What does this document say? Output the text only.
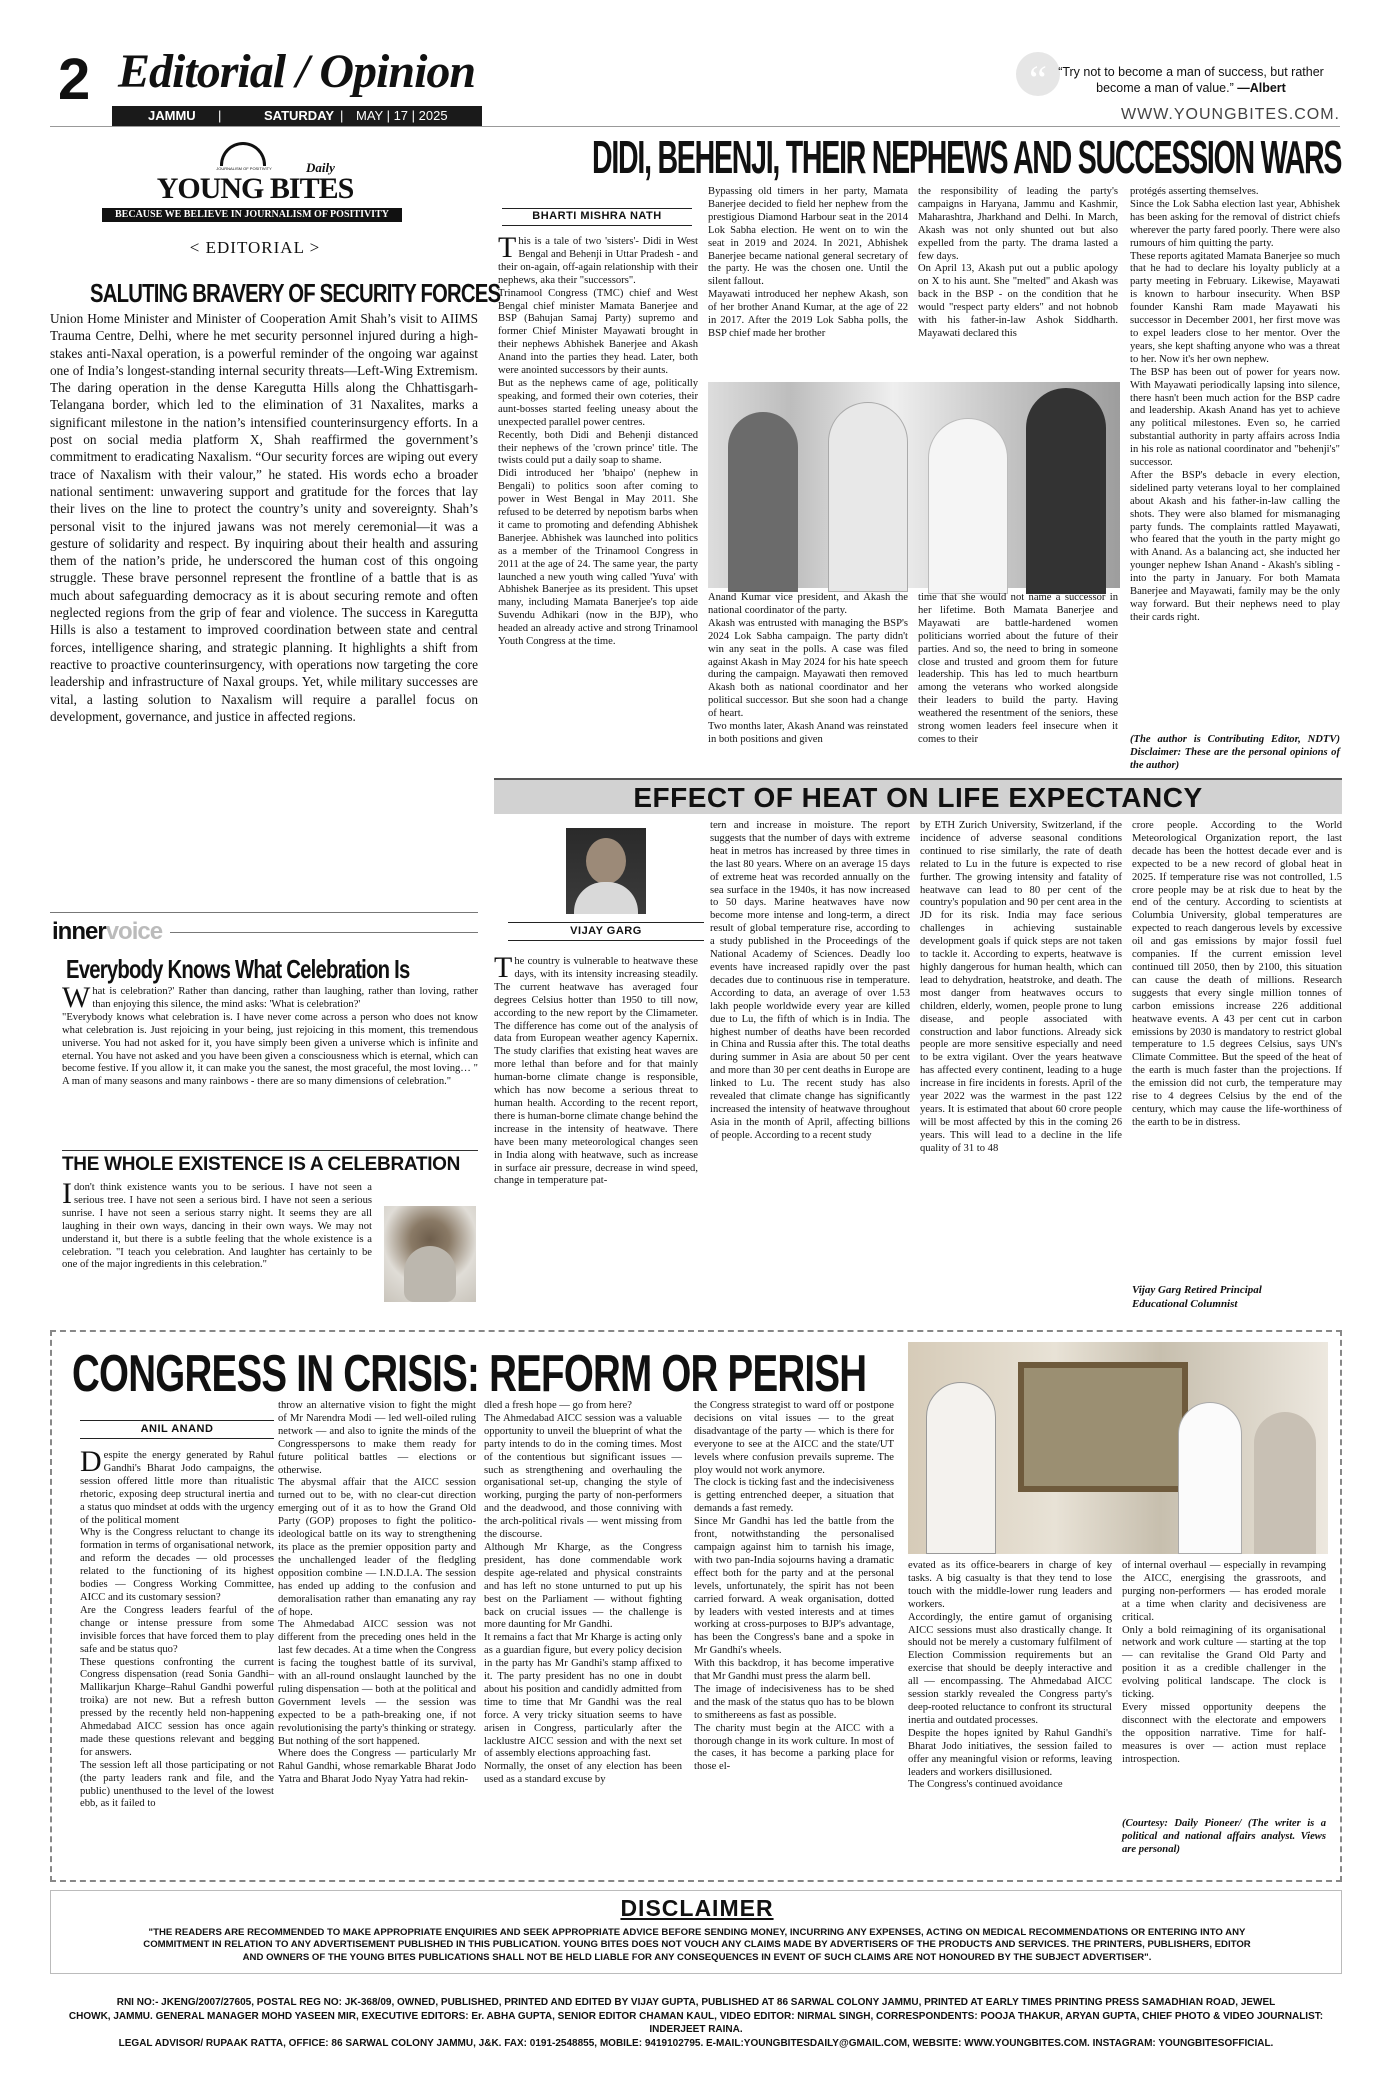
2 Editorial / Opinion
JAMMU |	SATURDAY | MAY | 17 | 2025
“ “Try not to become a man of success, but rather become a man of value.” —Albert
WWW.YOUNGBITES.COM.
JOURNALISM OF POSITIVITY	Daily
YOUNG BITES
BECAUSE WE BELIEVE IN JOURNALISM OF POSITIVITY
< EDITORIAL >
SALUTING BRAVERY OF SECURITY FORCES
Union Home Minister and Minister of Cooperation Amit Shah’s visit to AIIMS Trauma Centre, Delhi, where he met security personnel injured during a high-stakes anti-Naxal operation, is a powerful reminder of the ongoing war against one of India’s longest-standing internal security threats—Left-Wing Extremism. The daring operation in the dense Karegutta Hills along the Chhattisgarh-Telangana border, which led to the elimination of 31 Naxalites, marks a significant milestone in the nation’s intensified counterinsurgency efforts. In a post on social media platform X, Shah reaffirmed the government’s commitment to eradicating Naxalism. “Our security forces are wiping out every trace of Naxalism with their valour,” he stated. His words echo a broader national sentiment: unwavering support and gratitude for the forces that lay their lives on the line to protect the country’s unity and sovereignty. Shah’s personal visit to the injured jawans was not merely ceremonial—it was a gesture of solidarity and respect. By inquiring about their health and assuring them of the nation’s pride, he underscored the human cost of this ongoing struggle. These brave personnel represent the frontline of a battle that is as much about safeguarding democracy as it is about securing remote and often neglected regions from the grip of fear and violence. The success in Karegutta Hills is also a testament to improved coordination between state and central forces, intelligence sharing, and strategic planning. It highlights a shift from reactive to proactive counterinsurgency, with operations now targeting the core leadership and infrastructure of Naxal groups. Yet, while military successes are vital, a lasting solution to Naxalism will require a parallel focus on development, governance, and justice in affected regions.
DIDI, BEHENJI, THEIR NEPHEWS AND SUCCESSION WARS
BHARTI MISHRA NATH
This is a tale of two 'sisters'- Didi in West Bengal and Behenji in Uttar Pradesh - and their on-again, off-again relationship with their nephews, aka their "successors".
Trinamool Congress (TMC) chief and West Bengal chief minister Mamata Banerjee and BSP (Bahujan Samaj Party) supremo and former Chief Minister Mayawati brought in their nephews Abhishek Banerjee and Akash Anand into the parties they head. Later, both were anointed successors by their aunts.
But as the nephews came of age, politically speaking, and formed their own coteries, their aunt-bosses started feeling uneasy about the unexpected parallel power centres.
Recently, both Didi and Behenji distanced their nephews of the 'crown prince' title. The twists could put a daily soap to shame.
Didi introduced her 'bhaipo' (nephew in Bengali) to politics soon after coming to power in West Bengal in May 2011. She refused to be deterred by nepotism barbs when it came to promoting and defending Abhishek Banerjee. Abhishek was launched into politics as a member of the Trinamool Congress in 2011 at the age of 24. The same year, the party launched a new youth wing called 'Yuva' with Abhishek Banerjee as its president. This upset many, including Mamata Banerjee's top aide Suvendu Adhikari (now in the BJP), who headed an already active and strong Trinamool Youth Congress at the time.
Bypassing old timers in her party, Mamata Banerjee decided to field her nephew from the prestigious Diamond Harbour seat in the 2014 Lok Sabha election. He went on to win the seat in 2019 and 2024. In 2021, Abhishek Banerjee became national general secretary of the party. He was the chosen one. Until the silent fallout.
Mayawati introduced her nephew Akash, son of her brother Anand Kumar, at the age of 22 in 2017. After the 2019 Lok Sabha polls, the BSP chief made her brother
the responsibility of leading the party's campaigns in Haryana, Jammu and Kashmir, Maharashtra, Jharkhand and Delhi. In March, Akash was not only shunted out but also expelled from the party. The drama lasted a few days.
On April 13, Akash put out a public apology on X to his aunt. She "melted" and Akash was back in the BSP - on the condition that he would "respect party elders" and not hobnob with his father-in-law Ashok Siddharth. Mayawati declared this
Anand Kumar vice president, and Akash the national coordinator of the party.
Akash was entrusted with managing the BSP's 2024 Lok Sabha campaign. The party didn't win any seat in the polls. A case was filed against Akash in May 2024 for his hate speech during the campaign. Mayawati then removed Akash both as national coordinator and her political successor. But she soon had a change of heart.
Two months later, Akash Anand was reinstated in both positions and given
time that she would not name a successor in her lifetime. Both Mamata Banerjee and Mayawati are battle-hardened women politicians worried about the future of their parties. And so, the need to bring in someone close and trusted and groom them for future leadership. This has led to much heartburn among the veterans who worked alongside their leaders to build the party. Having weathered the resentment of the seniors, these strong women leaders feel insecure when it comes to their
protégés asserting themselves.
Since the Lok Sabha election last year, Abhishek has been asking for the removal of district chiefs wherever the party fared poorly. There were also rumours of him quitting the party.
These reports agitated Mamata Banerjee so much that he had to declare his loyalty publicly at a party meeting in February. Likewise, Mayawati is known to harbour insecurity. When BSP founder Kanshi Ram made Mayawati his successor in December 2001, her first move was to expel leaders close to her mentor. Over the years, she kept shafting anyone who was a threat to her. Now it's her own nephew.
The BSP has been out of power for years now. With Mayawati periodically lapsing into silence, there hasn't been much action for the BSP cadre and leadership. Akash Anand has yet to achieve any political milestones. Even so, he carried substantial authority in party affairs across India in his role as national coordinator and "behenji's" successor.
After the BSP's debacle in every election, sidelined party veterans loyal to her complained about Akash and his father-in-law calling the shots. They were also blamed for mismanaging party funds. The complaints rattled Mayawati, who feared that the youth in the party might go with Anand. As a balancing act, she inducted her younger nephew Ishan Anand - Akash's sibling - into the party in January. For both Mamata Banerjee and Mayawati, family may be the only way forward. But their nephews need to play their cards right.
(The author is Contributing Editor, NDTV) Disclaimer: These are the personal opinions of the author)
innervoice
Everybody Knows What Celebration Is
What is celebration?' Rather than dancing, rather than laughing, rather than loving, rather than enjoying this silence, the mind asks: 'What is celebration?'
"Everybody knows what celebration is. I have never come across a person who does not know what celebration is. Just rejoicing in your being, just rejoicing in this moment, this tremendous universe. You had not asked for it, you have simply been given a universe which is infinite and eternal. You have not asked and you have been given a consciousness which is eternal, which can become festive. If you allow it, it can make you the sanest, the most graceful, the most loving… " A man of many seasons and many rainbows - there are so many dimensions of celebration."
THE WHOLE EXISTENCE IS A CELEBRATION
Idon't think existence wants you to be serious. I have not seen a serious tree. I have not seen a serious bird. I have not seen a serious sunrise. I have not seen a serious starry night. It seems they are all laughing in their own ways, dancing in their own ways. We may not understand it, but there is a subtle feeling that the whole existence is a celebration. "I teach you celebration. And laughter has certainly to be one of the major ingredients in this celebration."
EFFECT OF HEAT ON LIFE EXPECTANCY
VIJAY GARG
The country is vulnerable to heatwave these days, with its intensity increasing steadily. The current heatwave has averaged four degrees Celsius hotter than 1950 to till now, according to the new report by the Climameter. The difference has come out of the analysis of data from European weather agency Kapernix. The study clarifies that existing heat waves are more lethal than before and for that mainly human-borne climate change is responsible, which has now become a serious threat to human health. According to the recent report, there is human-borne climate change behind the increase in the intensity of heatwave. There have been many meteorological changes seen in India along with heatwave, such as increase in surface air pressure, decrease in wind speed, change in temperature pat-
tern and increase in moisture. The report suggests that the number of days with extreme heat in metros has increased by three times in the last 80 years. Where on an average 15 days of extreme heat was recorded annually on the sea surface in the 1940s, it has now increased to 50 days. Marine heatwaves have now become more intense and long-term, a direct result of global temperature rise, according to a study published in the Proceedings of the National Academy of Sciences. Deadly loo events have increased rapidly over the past decades due to continuous rise in temperature. According to data, an average of over 1.53 lakh people worldwide every year are killed due to Lu, the fifth of which is in India. The highest number of deaths have been recorded in China and Russia after this. The total deaths during summer in Asia are about 50 per cent and more than 30 per cent deaths in Europe are linked to Lu. The recent study has also revealed that climate change has significantly increased the intensity of heatwave throughout Asia in the month of April, affecting billions of people. According to a recent study
by ETH Zurich University, Switzerland, if the incidence of adverse seasonal conditions continued to rise similarly, the rate of death related to Lu in the future is expected to rise further. The growing intensity and fatality of heatwave can lead to 80 per cent of the country's population and 90 per cent area in the JD for its risk. India may face serious challenges in achieving sustainable development goals if quick steps are not taken to tackle it. According to experts, heatwave is highly dangerous for human health, which can lead to dehydration, heatstroke, and death. The most danger from heatwaves occurs to children, elderly, women, people prone to lung disease, and people associated with construction and labor functions. Already sick people are more sensitive especially and need to be extra vigilant. Over the years heatwave has affected every continent, leading to a huge increase in fire incidents in forests. April of the year 2022 was the warmest in the past 122 years. It is estimated that about 60 crore people will be most affected by this in the coming 26 years. This will lead to a decline in the life quality of 31 to 48
crore people. According to the World Meteorological Organization report, the last decade has been the hottest decade ever and is expected to be a new record of global heat in 2025. If temperature rise was not controlled, 1.5 crore people may be at risk due to heat by the end of the century. According to scientists at Columbia University, global temperatures are expected to reach dangerous levels by excessive oil and gas emissions by major fossil fuel companies. If the current emission level continued till 2050, then by 2100, this situation can cause the death of millions. Research suggests that every single million tonnes of carbon emissions increase 226 additional heatwave events. A 43 per cent cut in carbon emissions by 2030 is mandatory to restrict global temperature to 1.5 degrees Celsius, says UN's Climate Committee. But the speed of the heat of the earth is much faster than the projections. If the emission did not curb, the temperature may rise to 4 degrees Celsius by the end of the century, which may cause the life-worthiness of the earth to be in distress.
Vijay Garg Retired Principal
Educational Columnist
CONGRESS IN CRISIS: REFORM OR PERISH
ANIL ANAND
Despite the energy generated by Rahul Gandhi's Bharat Jodo campaigns, the session offered little more than ritualistic rhetoric, exposing deep structural inertia and a status quo mindset at odds with the urgency of the political moment
Why is the Congress reluctant to change its formation in terms of organisational network, and reform the decades — old processes related to the functioning of its highest bodies — Congress Working Committee, AICC and its customary session?
Are the Congress leaders fearful of the change or intense pressure from some invisible forces that have forced them to play safe and be status quo?
These questions confronting the current Congress dispensation (read Sonia Gandhi–Mallikarjun Kharge–Rahul Gandhi powerful troika) are not new. But a refresh button pressed by the recently held non-happening Ahmedabad AICC session has once again made these questions relevant and begging for answers.
The session left all those participating or not (the party leaders rank and file, and the public) unenthused to the level of the lowest ebb, as it failed to
throw an alternative vision to fight the might of Mr Narendra Modi — led well-oiled ruling network — and also to ignite the minds of the Congresspersons to make them ready for future political battles — elections or otherwise.
The abysmal affair that the AICC session turned out to be, with no clear-cut direction emerging out of it as to how the Grand Old Party (GOP) proposes to fight the politico-ideological battle on its way to strengthening its place as the premier opposition party and the unchallenged leader of the fledgling opposition combine — I.N.D.I.A. The session has ended up adding to the confusion and demoralisation rather than emanating any ray of hope.
The Ahmedabad AICC session was not different from the preceding ones held in the last few decades. At a time when the Congress is facing the toughest battle of its survival, with an all-round onslaught launched by the ruling dispensation — both at the political and Government levels — the session was expected to be a path-breaking one, if not revolutionising the party's thinking or strategy. But nothing of the sort happened.
Where does the Congress — particularly Mr Rahul Gandhi, whose remarkable Bharat Jodo Yatra and Bharat Jodo Nyay Yatra had rekin-
dled a fresh hope — go from here?
The Ahmedabad AICC session was a valuable opportunity to unveil the blueprint of what the party intends to do in the coming times. Most of the contentious but significant issues — such as strengthening and overhauling the organisational set-up, changing the style of working, purging the party of non-performers and the deadwood, and those conniving with the arch-political rivals — went missing from the discourse.
Although Mr Kharge, as the Congress president, has done commendable work despite age-related and physical constraints and has left no stone unturned to put up his best on the Parliament — without fighting back on crucial issues — the challenge is more daunting for Mr Gandhi.
It remains a fact that Mr Kharge is acting only as a guardian figure, but every policy decision in the party has Mr Gandhi's stamp affixed to it. The party president has no one in doubt about his position and candidly admitted from time to time that Mr Gandhi was the real force. A very tricky situation seems to have arisen in Congress, particularly after the lacklustre AICC session and with the next set of assembly elections approaching fast.
Normally, the onset of any election has been used as a standard excuse by
the Congress strategist to ward off or postpone decisions on vital issues — to the great disadvantage of the party — which is there for everyone to see at the AICC and the state/UT levels where confusion prevails supreme. The ploy would not work anymore.
The clock is ticking fast and the indecisiveness is getting entrenched deeper, a situation that demands a fast remedy.
Since Mr Gandhi has led the battle from the front, notwithstanding the personalised campaign against him to tarnish his image, with two pan-India sojourns having a dramatic effect both for the party and at the personal levels, unfortunately, the spirit has not been carried forward. A weak organisation, dotted by leaders with vested interests and at times working at cross-purposes to BJP's advantage, has been the Congress's bane and a spoke in Mr Gandhi's wheels.
With this backdrop, it has become imperative that Mr Gandhi must press the alarm bell.
The image of indecisiveness has to be shed and the mask of the status quo has to be blown to smithereens as fast as possible.
The charity must begin at the AICC with a thorough change in its work culture. In most of the cases, it has become a parking place for those el-
evated as its office-bearers in charge of key tasks. A big casualty is that they tend to lose touch with the middle-lower rung leaders and workers.
Accordingly, the entire gamut of organising AICC sessions must also drastically change. It should not be merely a customary fulfilment of Election Commission requirements but an exercise that should be deeply interactive and all — encompassing. The Ahmedabad AICC session starkly revealed the Congress party's deep-rooted reluctance to confront its structural inertia and outdated processes.
Despite the hopes ignited by Rahul Gandhi's Bharat Jodo initiatives, the session failed to offer any meaningful vision or reforms, leaving leaders and workers disillusioned.
The Congress's continued avoidance
of internal overhaul — especially in revamping the AICC, energising the grassroots, and purging non-performers — has eroded morale at a time when clarity and decisiveness are critical.
Only a bold reimagining of its organisational network and work culture — starting at the top — can revitalise the Grand Old Party and position it as a credible challenger in the evolving political landscape. The clock is ticking.
Every missed opportunity deepens the disconnect with the electorate and empowers the opposition narrative. Time for half-measures is over — action must replace introspection.
(Courtesy: Daily Pioneer/ (The writer is a political and national affairs analyst. Views are personal)
DISCLAIMER
"THE READERS ARE RECOMMENDED TO MAKE APPROPRIATE ENQUIRIES AND SEEK APPROPRIATE ADVICE BEFORE SENDING MONEY, INCURRING ANY EXPENSES, ACTING ON MEDICAL RECOMMENDATIONS OR ENTERING INTO ANY COMMITMENT IN RELATION TO ANY ADVERTISEMENT PUBLISHED IN THIS PUBLICATION. YOUNG BITES DOES NOT VOUCH ANY CLAIMS MADE BY ADVERTISERS OF THE PRODUCTS AND SERVICES. THE PRINTERS, PUBLISHERS, EDITOR AND OWNERS OF THE YOUNG BITES PUBLICATIONS SHALL NOT BE HELD LIABLE FOR ANY CONSEQUENCES IN EVENT OF SUCH CLAIMS ARE NOT HONOURED BY THE SUBJECT ADVERTISER".
RNI NO:- JKENG/2007/27605, POSTAL REG NO: JK-368/09, OWNED, PUBLISHED, PRINTED AND EDITED BY VIJAY GUPTA, PUBLISHED AT 86 SARWAL COLONY JAMMU, PRINTED AT EARLY TIMES PRINTING PRESS SAMADHIAN ROAD, JEWEL
CHOWK, JAMMU. GENERAL MANAGER MOHD YASEEN MIR, EXECUTIVE EDITORS: Er. ABHA GUPTA, SENIOR EDITOR CHAMAN KAUL, VIDEO EDITOR: NIRMAL SINGH, CORRESPONDENTS: POOJA THAKUR, ARYAN GUPTA, CHIEF PHOTO & VIDEO JOURNALIST: INDERJEET RAINA.
LEGAL ADVISOR/ RUPAAK RATTA, OFFICE: 86 SARWAL COLONY JAMMU, J&K. FAX: 0191-2548855, MOBILE: 9419102795. E-MAIL:YOUNGBITESDAILY@GMAIL.COM, WEBSITE: WWW.YOUNGBITES.COM. INSTAGRAM: YOUNGBITESOFFICIAL.
